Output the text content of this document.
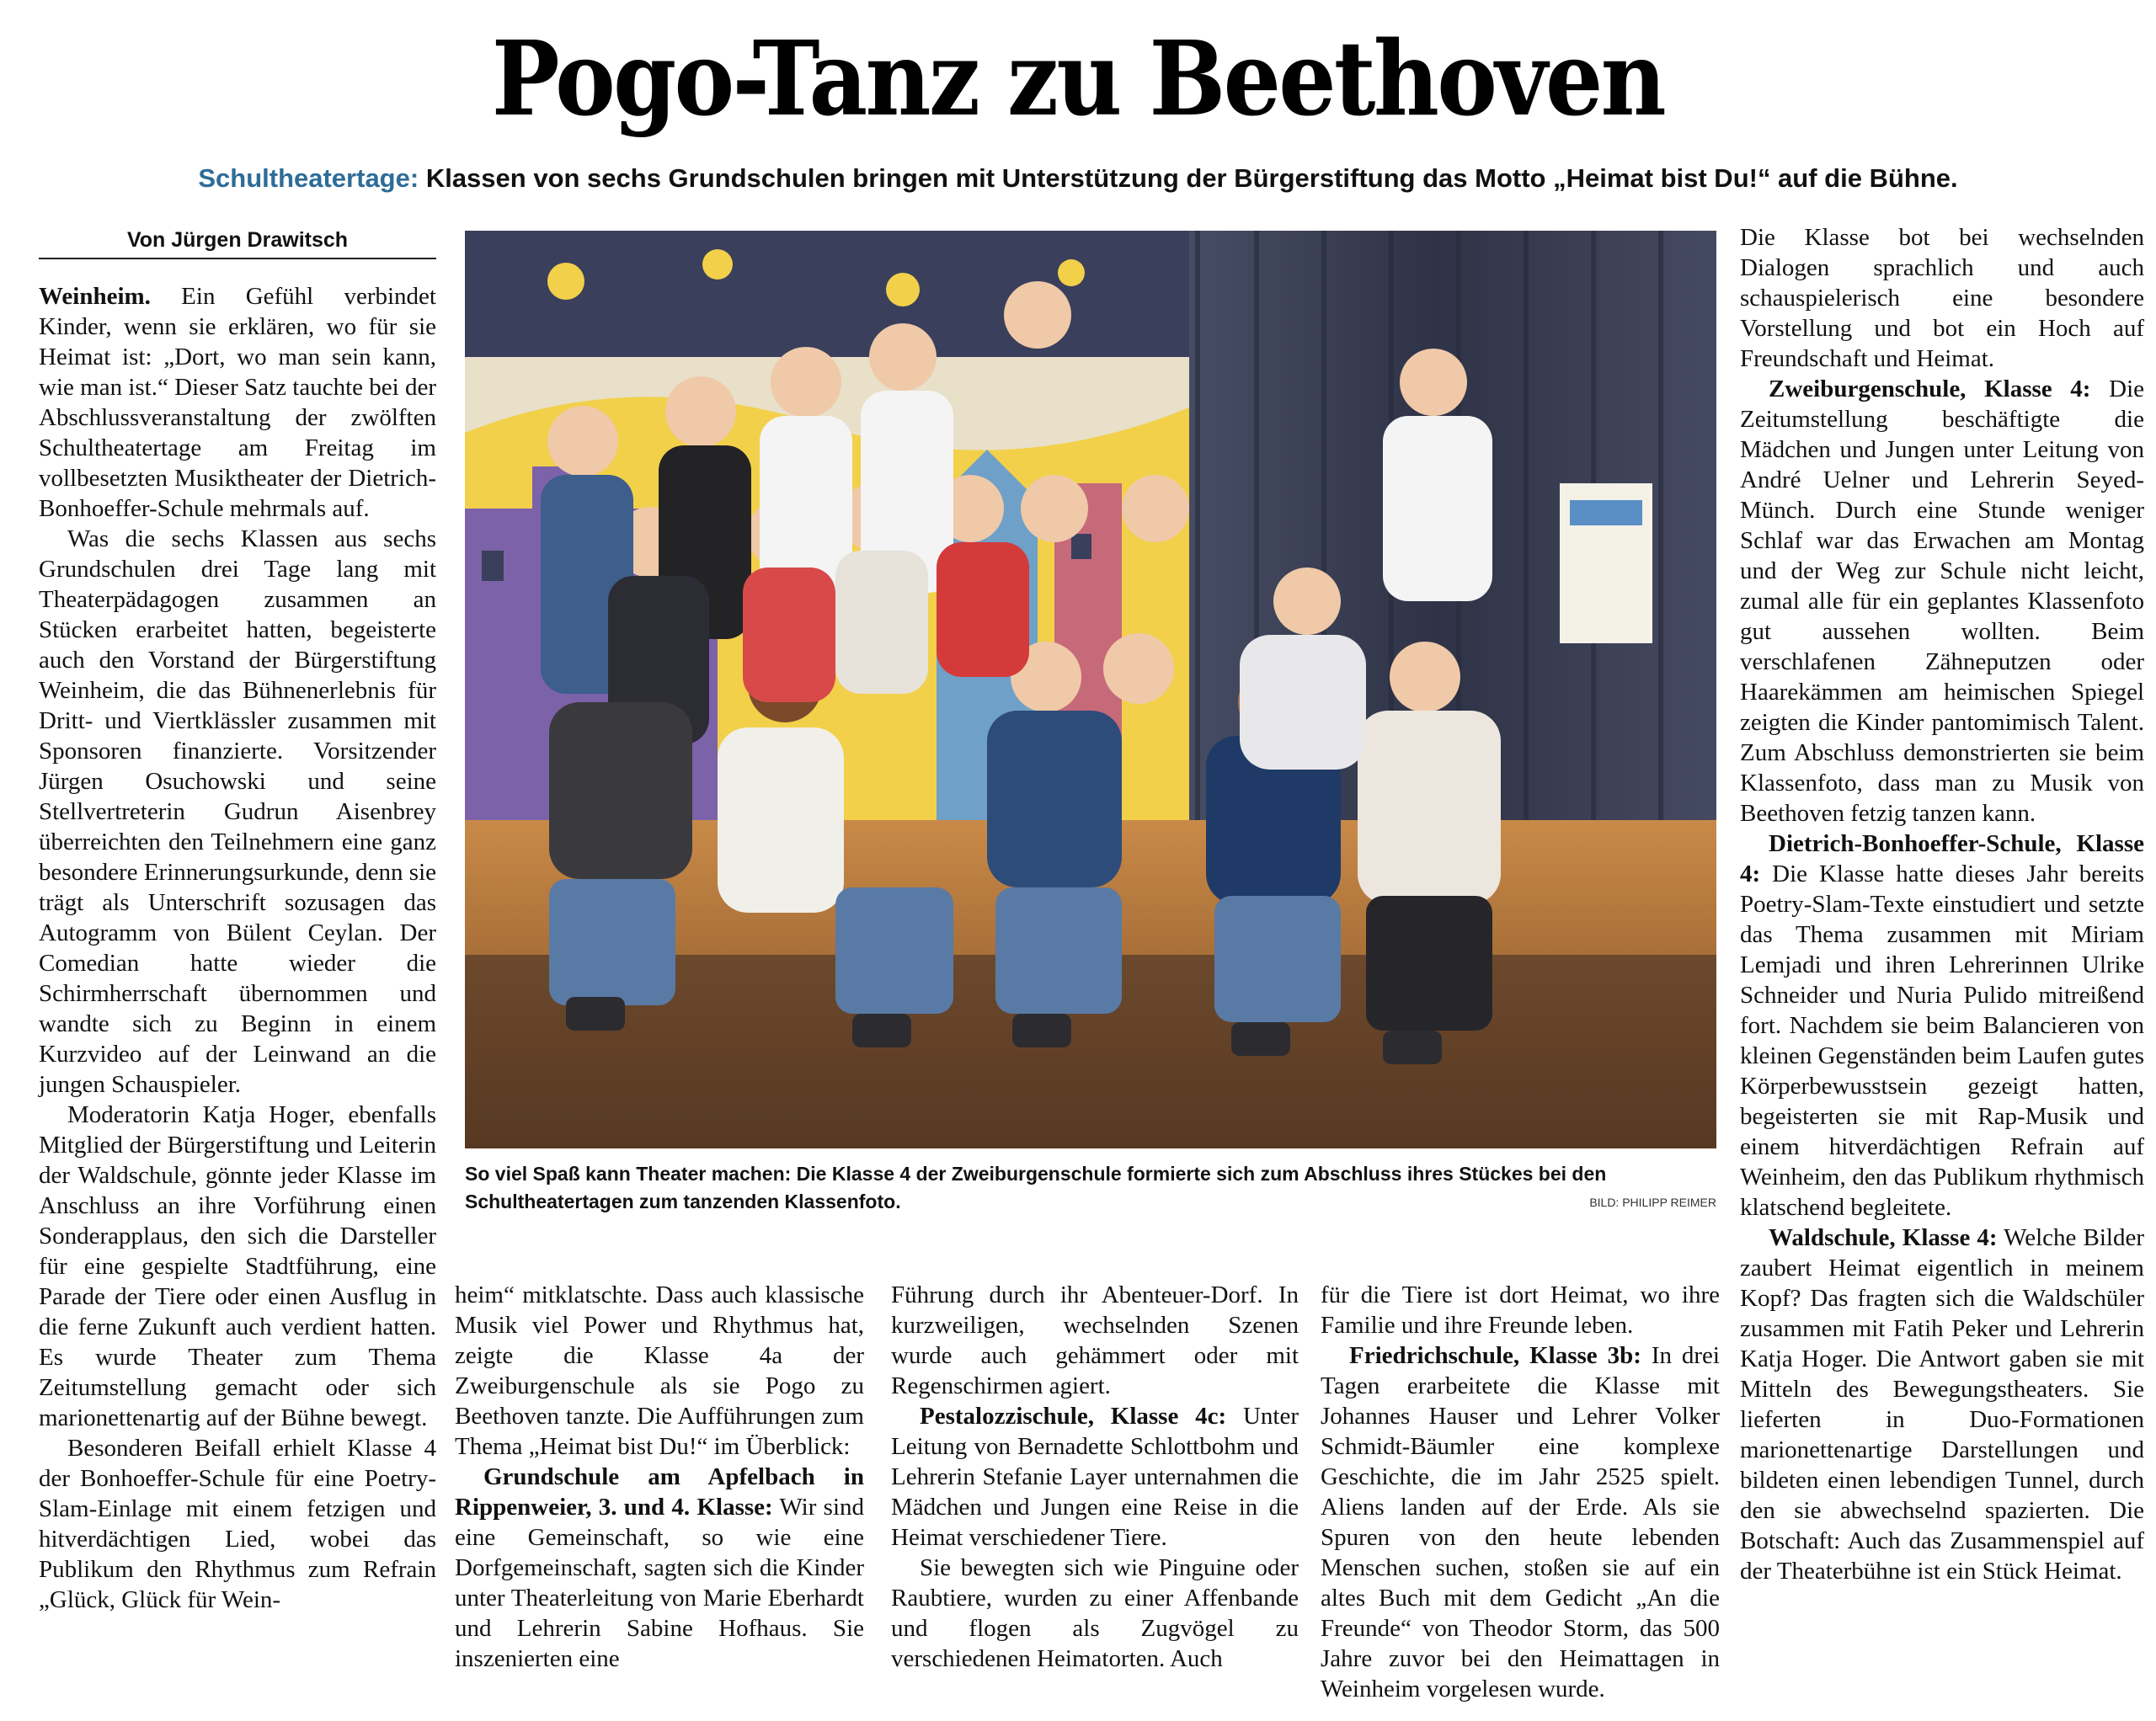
Pogo-Tanz zu Beethoven
Schultheatertage: Klassen von sechs Grundschulen bringen mit Unterstützung der Bürgerstiftung das Motto „Heimat bist Du!“ auf die Bühne.
Von Jürgen Drawitsch

Weinheim. Ein Gefühl verbindet Kinder, wenn sie erklären, wo für sie Heimat ist: „Dort, wo man sein kann, wie man ist.“ Dieser Satz tauchte bei der Abschlussveranstaltung der zwölften Schultheatertage am Freitag im vollbesetzten Musiktheater der Dietrich-Bonhoeffer-Schule mehrmals auf.

Was die sechs Klassen aus sechs Grundschulen drei Tage lang mit Theaterpädagogen zusammen an Stücken erarbeitet hatten, begeisterte auch den Vorstand der Bürgerstiftung Weinheim, die das Bühnenerlebnis für Dritt- und Viertklässler zusammen mit Sponsoren finanzierte. Vorsitzender Jürgen Osuchowski und seine Stellvertreterin Gudrun Aisenbrey überreichten den Teilnehmern eine ganz besondere Erinnerungsurkunde, denn sie trägt als Unterschrift sozusagen das Autogramm von Bülent Ceylan. Der Comedian hatte wieder die Schirmherrschaft übernommen und wandte sich zu Beginn in einem Kurzvideo auf der Leinwand an die jungen Schauspieler.

Moderatorin Katja Hoger, ebenfalls Mitglied der Bürgerstiftung und Leiterin der Waldschule, gönnte jeder Klasse im Anschluss an ihre Vorführung einen Sonderapplaus, den sich die Darsteller für eine gespielte Stadtführung, eine Parade der Tiere oder einen Ausflug in die ferne Zukunft auch verdient hatten. Es wurde Theater zum Thema Zeitumstellung gemacht oder sich marionettenartig auf der Bühne bewegt.

Besonderen Beifall erhielt Klasse 4 der Bonhoeffer-Schule für eine Poetry-Slam-Einlage mit einem fetzigen und hitverdächtigen Lied, wobei das Publikum den Rhythmus zum Refrain „Glück, Glück für Wein-

So viel Spaß kann Theater machen: Die Klasse 4 der Zweiburgenschule formierte sich zum Abschluss ihres Stückes bei den Schultheatertagen zum tanzenden Klassenfoto.	BILD: PHILIPP REIMER

heim“ mitklatschte. Dass auch klassische Musik viel Power und Rhythmus hat, zeigte die Klasse 4a der Zweiburgenschule als sie Pogo zu Beethoven tanzte. Die Aufführungen zum Thema „Heimat bist Du!“ im Überblick:

Grundschule am Apfelbach in Rippenweier, 3. und 4. Klasse: Wir sind eine Gemeinschaft, so wie eine Dorfgemeinschaft, sagten sich die Kinder unter Theaterleitung von Marie Eberhardt und Lehrerin Sabine Hofhaus. Sie inszenierten eine

Führung durch ihr Abenteuer-Dorf. In kurzweiligen, wechselnden Szenen wurde auch gehämmert oder mit Regenschirmen agiert.

Pestalozzischule, Klasse 4c: Unter Leitung von Bernadette Schlottbohm und Lehrerin Stefanie Layer unternahmen die Mädchen und Jungen eine Reise in die Heimat verschiedener Tiere.

Sie bewegten sich wie Pinguine oder Raubtiere, wurden zu einer Affenbande und flogen als Zugvögel zu verschiedenen Heimatorten. Auch

für die Tiere ist dort Heimat, wo ihre Familie und ihre Freunde leben.

Friedrichschule, Klasse 3b: In drei Tagen erarbeitete die Klasse mit Johannes Hauser und Lehrer Volker Schmidt-Bäumler eine komplexe Geschichte, die im Jahr 2525 spielt. Aliens landen auf der Erde. Als sie Spuren von den heute lebenden Menschen suchen, stoßen sie auf ein altes Buch mit dem Gedicht „An die Freunde“ von Theodor Storm, das 500 Jahre zuvor bei den Heimattagen in Weinheim vorgelesen wurde.

Die Klasse bot bei wechselnden Dialogen sprachlich und auch schauspielerisch eine besondere Vorstellung und bot ein Hoch auf Freundschaft und Heimat.

Zweiburgenschule, Klasse 4: Die Zeitumstellung beschäftigte die Mädchen und Jungen unter Leitung von André Uelner und Lehrerin Seyed-Münch. Durch eine Stunde weniger Schlaf war das Erwachen am Montag und der Weg zur Schule nicht leicht, zumal alle für ein geplantes Klassenfoto gut aussehen wollten. Beim verschlafenen Zähneputzen oder Haarekämmen am heimischen Spiegel zeigten die Kinder pantomimisch Talent. Zum Abschluss demonstrierten sie beim Klassenfoto, dass man zu Musik von Beethoven fetzig tanzen kann.

Dietrich-Bonhoeffer-Schule, Klasse 4: Die Klasse hatte dieses Jahr bereits Poetry-Slam-Texte einstudiert und setzte das Thema zusammen mit Miriam Lemjadi und ihren Lehrerinnen Ulrike Schneider und Nuria Pulido mitreißend fort. Nachdem sie beim Balancieren von kleinen Gegenständen beim Laufen gutes Körperbewusstsein gezeigt hatten, begeisterten sie mit Rap-Musik und einem hitverdächtigen Refrain auf Weinheim, den das Publikum rhythmisch klatschend begleitete.

Waldschule, Klasse 4: Welche Bilder zaubert Heimat eigentlich in meinem Kopf? Das fragten sich die Waldschüler zusammen mit Fatih Peker und Lehrerin Katja Hoger. Die Antwort gaben sie mit Mitteln des Bewegungstheaters. Sie lieferten in Duo-Formationen marionettenartige Darstellungen und bildeten einen lebendigen Tunnel, durch den sie abwechselnd spazierten. Die Botschaft: Auch das Zusammenspiel auf der Theaterbühne ist ein Stück Heimat.
